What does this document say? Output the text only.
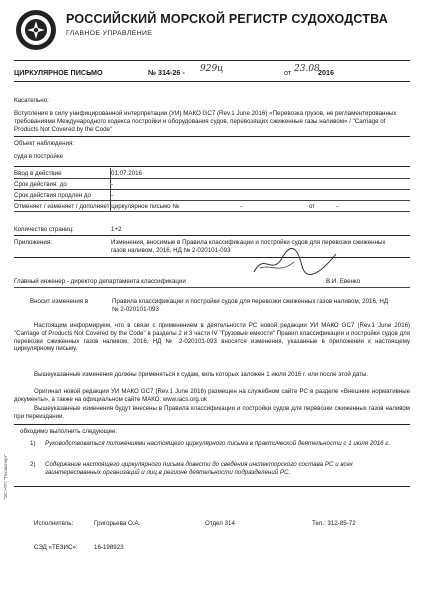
РОССИЙСКИЙ МОРСКОЙ РЕГИСТР СУДОХОДСТВА
ГЛАВНОЕ УПРАВЛЕНИЕ
ЦИРКУЛЯРНОЕ ПИСЬМО	№ 314-26 - 929ц	от 23.08
2016
Касательно:
Вступления в силу унифицированной интерпретации (УИ) МАКО GC7 (Rev.1 June 2016) «Перевозка грузов, не регламентированных требованиями Международного кодекса постройки и оборудования судов, перевозящих сжиженные газы наливом» / "Carriage of Products Not Covered by the Code"
Объект наблюдения:
суда в постройке
Ввод в действие	01.07.2016
Срок действия: до	-
Срок действия продлен до	-
Отменяет / изменяет / дополняет циркулярное письмо №	-	от	-
Количество страниц:	1+2
Приложения:	Изменения, вносимые в Правила классификации и постройки судов для перевозки сжиженных газов наливом, 2016, НД № 2-020101-093
Главный инженер - директор департамента классификации	В.И. Евенко
Вносит изменения в	Правила классификации и постройки судов для перевозки сжиженных газов наливом, 2016, НД № 2-020101-093
Настоящим информируем, что в связи с применением в деятельности РС новой редакции УИ МАКО GC7 (Rev.1 June 2016) "Carriage of Products Not Covered by the Code" в разделы 2 и 3 части IV "Грузовые емкости" Правил классификации и постройки судов для перевозки сжиженных газов наливом, 2016, НД № 2-020101-093 вносятся изменения, указанные в приложении к настоящему циркулярному письму.
Вышеуказанные изменения должны применяться к судам, киль которых заложен 1 июля 2016 г. или после этой даты.
Оригинал новой редакции УИ МАКО GC7 (Rev.1 June 2016) размещен на служебном сайте РС в разделе «Внешние нормативные документы», а также на официальном сайте МАКО: www.iacs.org.uk
Вышеуказанные изменения будут внесены в Правила классификации и постройки судов для перевозки сжиженных газов наливом при переиздании.
обходимо выполнить следующее:
1) Руководствоваться положениями настоящего циркулярного письма в практической деятельности с 1 июля 2016 г.
2) Содержание настоящего циркулярного письма довести до сведения инспекторского состава РС и всех заинтересованных организаций и лиц в регионе деятельности подразделений РС.
Исполнитель:	Григорьева О.А.	Отдел 314	Тел.: 312-85-72
СЭД «ТЕЗИС»:	16-198923
"ЭС НТП "Техэксперт"
